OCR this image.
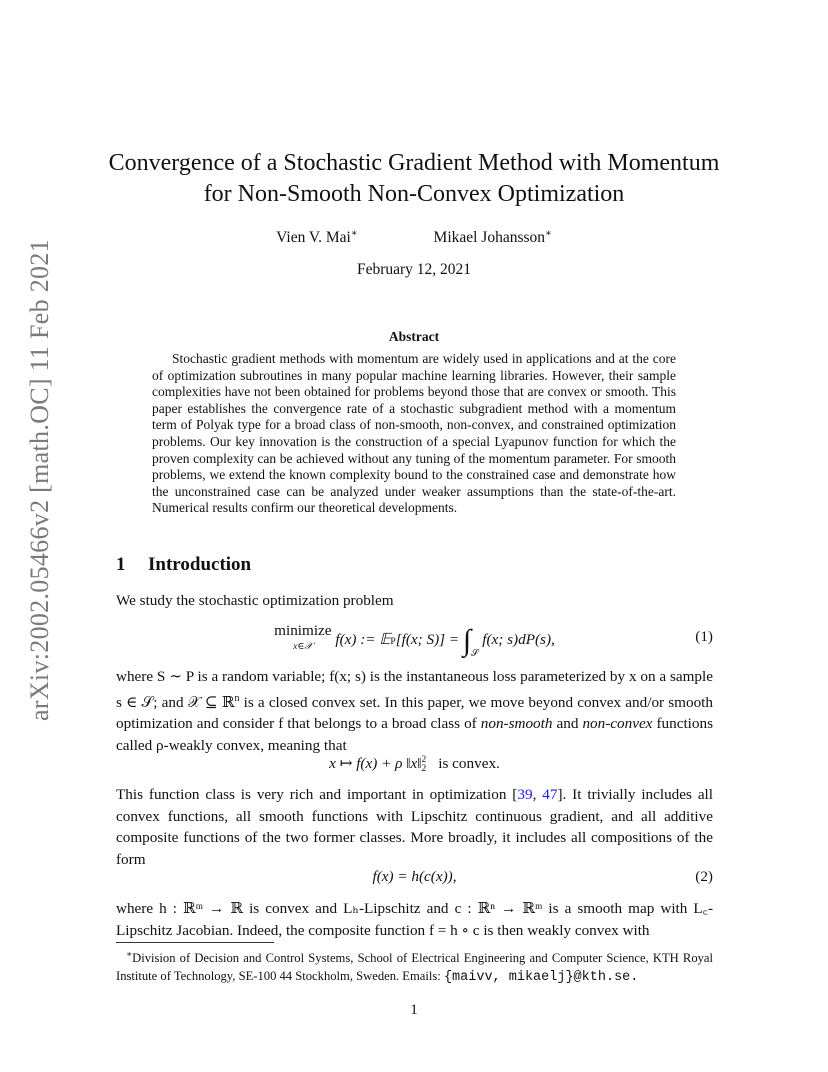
arXiv:2002.05466v2 [math.OC] 11 Feb 2021
Convergence of a Stochastic Gradient Method with Momentum
for Non-Smooth Non-Convex Optimization
Vien V. Mai∗	Mikael Johansson∗
February 12, 2021
Abstract
Stochastic gradient methods with momentum are widely used in applications and at the core of optimization subroutines in many popular machine learning libraries. However, their sample complexities have not been obtained for problems beyond those that are convex or smooth. This paper establishes the convergence rate of a stochastic subgradient method with a momentum term of Polyak type for a broad class of non-smooth, non-convex, and constrained optimization problems. Our key innovation is the construction of a special Lyapunov function for which the proven complexity can be achieved without any tuning of the momentum parameter. For smooth problems, we extend the known complexity bound to the constrained case and demonstrate how the unconstrained case can be analyzed under weaker assumptions than the state-of-the-art. Numerical results confirm our theoretical developments.
1 Introduction
We study the stochastic optimization problem
minimize
x∈𝒳 f(x) := 𝔼P[f(x; $S)] = \int_𝒮$ f(x; s)dP(s),	(1)
where S ∼ P is a random variable; f(x; s) is the instantaneous loss parameterized by x on a sample s ∈ 𝒮; and 𝒳 ⊆ ℝ$^n$ is a closed convex set. In this paper, we move beyond convex and/or smooth optimization and consider f that belongs to a broad class of non-smooth and non-convex functions called ρ-weakly convex, meaning that
x ↦ f(x) + ρ ‖x‖2
2 is convex.
This function class is very rich and important in optimization [39, 47]. It trivially includes all convex functions, all smooth functions with Lipschitz continuous gradient, and all additive composite functions of the two former classes. More broadly, it includes all compositions of the form
f(x) = h(c(x)),	(2)
where h : ℝᵐ → ℝ is convex and Lₕ-Lipschitz and c : ℝⁿ → ℝᵐ is a smooth map with L꜀-Lipschitz Jacobian. Indeed, the composite function f = h ∘ c is then weakly convex with
∗Division of Decision and Control Systems, School of Electrical Engineering and Computer Science, KTH Royal Institute of Technology, SE-100 44 Stockholm, Sweden. Emails: {maivv, mikaelj}@kth.se.
1
